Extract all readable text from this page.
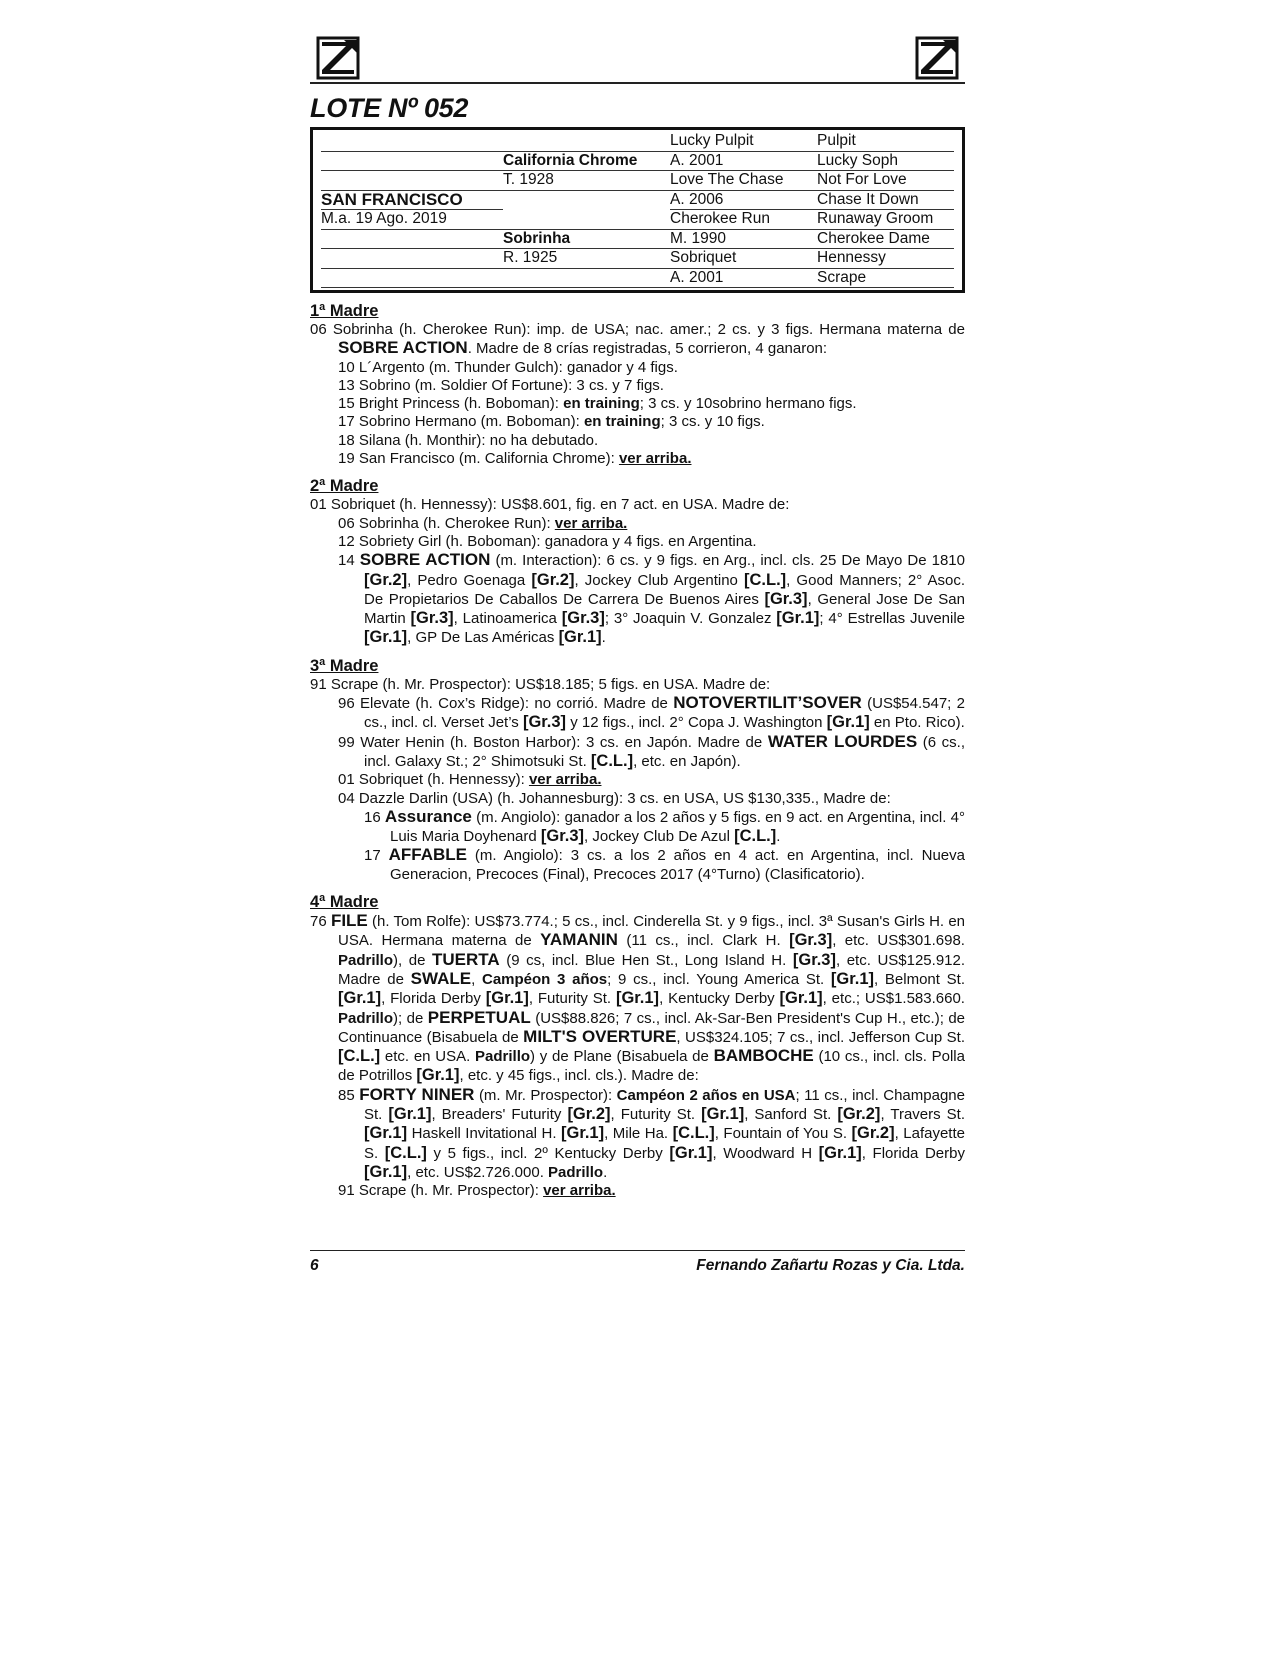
LOTE Nº 052
		Lucky Pulpit	Pulpit
	California Chrome	A. 2001	Lucky Soph
	T. 1928	Love The Chase	Not For Love
SAN FRANCISCO		A. 2006	Chase It Down
M.a. 19 Ago. 2019		Cherokee Run	Runaway Groom
	Sobrinha	M. 1990	Cherokee Dame
	R. 1925	Sobriquet	Hennessy
		A. 2001	Scrape
1ª Madre
06 Sobrinha (h. Cherokee Run): imp. de USA; nac. amer.; 2 cs. y 3 figs. Hermana materna de SOBRE ACTION. Madre de 8 crías registradas, 5 corrieron, 4 ganaron:
10 L´Argento (m. Thunder Gulch): ganador y 4 figs.
13 Sobrino (m. Soldier Of Fortune): 3 cs. y 7 figs.
15 Bright Princess (h. Boboman): en training; 3 cs. y 10sobrino hermano figs.
17 Sobrino Hermano (m. Boboman): en training; 3 cs. y 10 figs.
18 Silana (h. Monthir): no ha debutado.
19 San Francisco (m. California Chrome): ver arriba.
2ª Madre
01 Sobriquet (h. Hennessy): US$8.601, fig. en 7 act. en USA. Madre de:
06 Sobrinha (h. Cherokee Run): ver arriba.
12 Sobriety Girl (h. Boboman): ganadora y 4 figs. en Argentina.
14 SOBRE ACTION (m. Interaction): 6 cs. y 9 figs. en Arg., incl. cls. 25 De Mayo De 1810 [Gr.2], Pedro Goenaga [Gr.2], Jockey Club Argentino [C.L.], Good Manners; 2° Asoc. De Propietarios De Caballos De Carrera De Buenos Aires [Gr.3], General Jose De San Martin [Gr.3], Latinoamerica [Gr.3]; 3° Joaquin V. Gonzalez [Gr.1]; 4° Estrellas Juvenile [Gr.1], GP De Las Américas [Gr.1].
3ª Madre
91 Scrape (h. Mr. Prospector): US$18.185; 5 figs. en USA. Madre de:
96 Elevate (h. Cox’s Ridge): no corrió. Madre de NOTOVERTILIT’SOVER (US$54.547; 2 cs., incl. cl. Verset Jet’s [Gr.3] y 12 figs., incl. 2° Copa J. Washington [Gr.1] en Pto. Rico).
99 Water Henin (h. Boston Harbor): 3 cs. en Japón. Madre de WATER LOURDES (6 cs., incl. Galaxy St.; 2° Shimotsuki St. [C.L.], etc. en Japón).
01 Sobriquet (h. Hennessy): ver arriba.
04 Dazzle Darlin (USA) (h. Johannesburg): 3 cs. en USA, US $130,335., Madre de:
16 Assurance (m. Angiolo): ganador a los 2 años y 5 figs. en 9 act. en Argentina, incl. 4° Luis Maria Doyhenard [Gr.3], Jockey Club De Azul [C.L.].
17 AFFABLE (m. Angiolo): 3 cs. a los 2 años en 4 act. en Argentina, incl. Nueva Generacion, Precoces (Final), Precoces 2017 (4°Turno) (Clasificatorio).
4ª Madre
76 FILE (h. Tom Rolfe): US$73.774.; 5 cs., incl. Cinderella St. y 9 figs., incl. 3ª Susan's Girls H. en USA. Hermana materna de YAMANIN (11 cs., incl. Clark H. [Gr.3], etc. US$301.698. Padrillo), de TUERTA (9 cs, incl. Blue Hen St., Long Island H. [Gr.3], etc. US$125.912. Madre de SWALE, Campéon 3 años; 9 cs., incl. Young America St. [Gr.1], Belmont St. [Gr.1], Florida Derby [Gr.1], Futurity St. [Gr.1], Kentucky Derby [Gr.1], etc.; US$1.583.660. Padrillo); de PERPETUAL (US$88.826; 7 cs., incl. Ak-Sar-Ben President's Cup H., etc.); de Continuance (Bisabuela de MILT'S OVERTURE, US$324.105; 7 cs., incl. Jefferson Cup St. [C.L.] etc. en USA. Padrillo) y de Plane (Bisabuela de BAMBOCHE (10 cs., incl. cls. Polla de Potrillos [Gr.1], etc. y 45 figs., incl. cls.). Madre de:
85 FORTY NINER (m. Mr. Prospector): Campéon 2 años en USA; 11 cs., incl. Champagne St. [Gr.1], Breaders' Futurity [Gr.2], Futurity St. [Gr.1], Sanford St. [Gr.2], Travers St. [Gr.1] Haskell Invitational H. [Gr.1], Mile Ha. [C.L.], Fountain of You S. [Gr.2], Lafayette S. [C.L.] y 5 figs., incl. 2º Kentucky Derby [Gr.1], Woodward H [Gr.1], Florida Derby [Gr.1], etc. US$2.726.000. Padrillo.
91 Scrape (h. Mr. Prospector): ver arriba.
6	Fernando Zañartu Rozas y Cia. Ltda.
